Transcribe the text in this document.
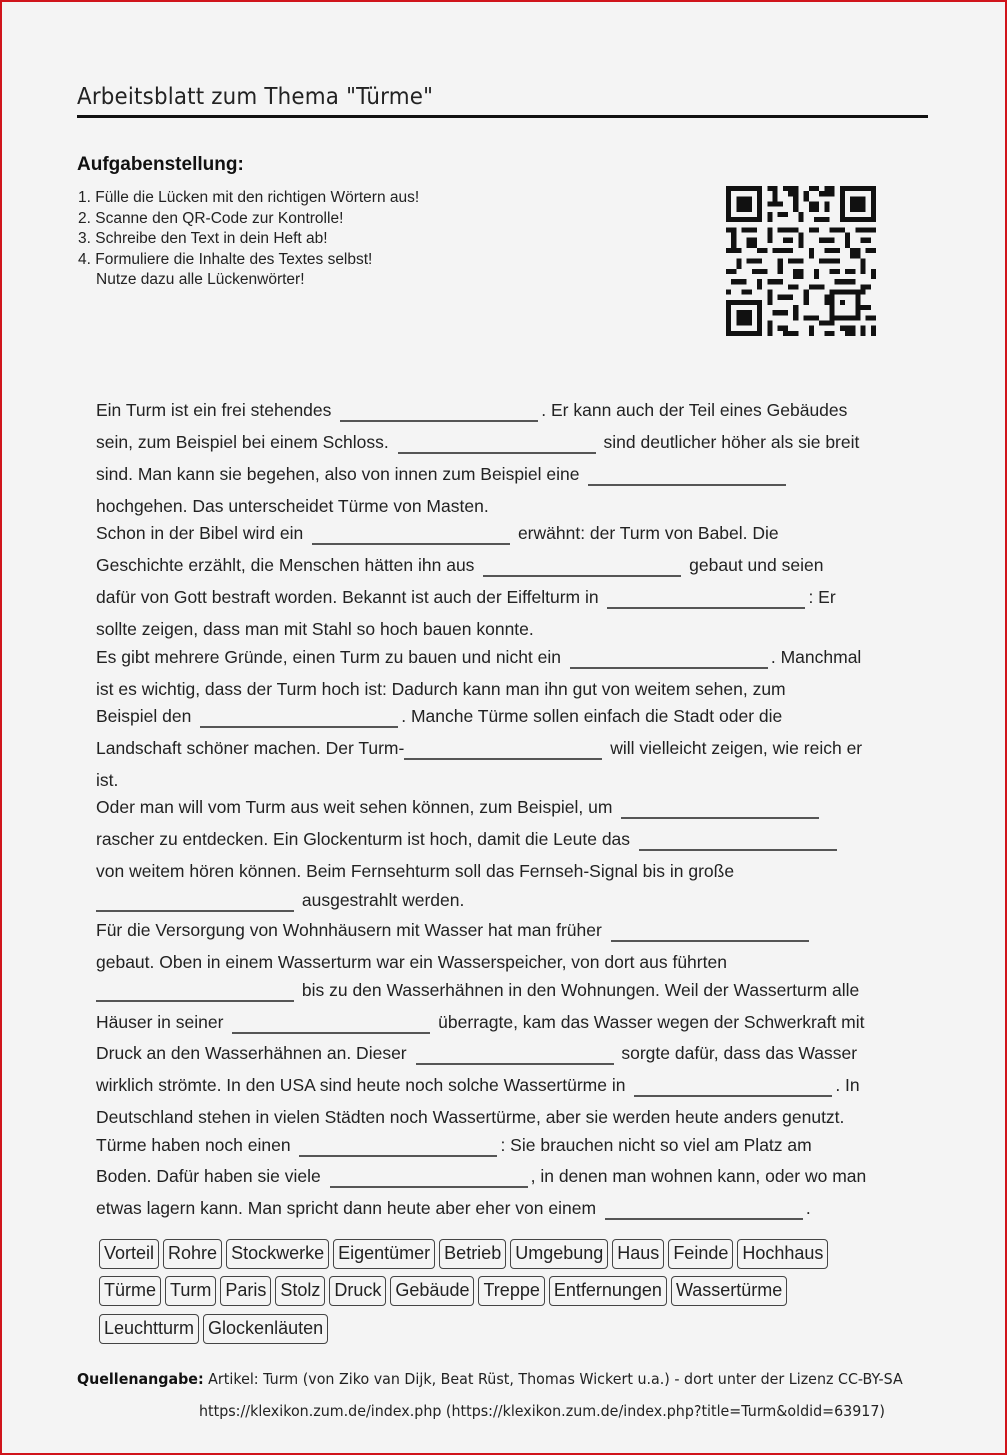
Arbeitsblatt zum Thema "Türme"
Aufgabenstellung:
1. Fülle die Lücken mit den richtigen Wörtern aus!
2. Scanne den QR-Code zur Kontrolle!
3. Schreibe den Text in dein Heft ab!
4. Formuliere die Inhalte des Textes selbst!
Nutze dazu alle Lückenwörter!
Ein Turm ist ein frei stehendes	. Er kann auch der Teil eines Gebäudes
sein, zum Beispiel bei einem Schloss.	sind deutlicher höher als sie breit
sind. Man kann sie begehen, also von innen zum Beispiel eine
hochgehen. Das unterscheidet Türme von Masten.
Schon in der Bibel wird ein	erwähnt: der Turm von Babel. Die
Geschichte erzählt, die Menschen hätten ihn aus	gebaut und seien
dafür von Gott bestraft worden. Bekannt ist auch der Eiffelturm in	: Er
sollte zeigen, dass man mit Stahl so hoch bauen konnte.
Es gibt mehrere Gründe, einen Turm zu bauen und nicht ein	. Manchmal
ist es wichtig, dass der Turm hoch ist: Dadurch kann man ihn gut von weitem sehen, zum
Beispiel den	. Manche Türme sollen einfach die Stadt oder die
Landschaft schöner machen. Der Turm-	will vielleicht zeigen, wie reich er
ist.
Oder man will vom Turm aus weit sehen können, zum Beispiel, um
rascher zu entdecken. Ein Glockenturm ist hoch, damit die Leute das
von weitem hören können. Beim Fernsehturm soll das Fernseh-Signal bis in große
ausgestrahlt werden.
Für die Versorgung von Wohnhäusern mit Wasser hat man früher
gebaut. Oben in einem Wasserturm war ein Wasserspeicher, von dort aus führten
bis zu den Wasserhähnen in den Wohnungen. Weil der Wasserturm alle
Häuser in seiner	überragte, kam das Wasser wegen der Schwerkraft mit
Druck an den Wasserhähnen an. Dieser	sorgte dafür, dass das Wasser
wirklich strömte. In den USA sind heute noch solche Wassertürme in	. In
Deutschland stehen in vielen Städten noch Wassertürme, aber sie werden heute anders genutzt.
Türme haben noch einen	: Sie brauchen nicht so viel am Platz am
Boden. Dafür haben sie viele	, in denen man wohnen kann, oder wo man
etwas lagern kann. Man spricht dann heute aber eher von einem	.
Vorteil Rohre Stockwerke Eigentümer Betrieb Umgebung Haus Feinde Hochhaus
Türme Turm Paris Stolz Druck Gebäude Treppe Entfernungen Wassertürme
Leuchtturm Glockenläuten
Quellenangabe: Artikel: Turm (von Ziko van Dijk, Beat Rüst, Thomas Wickert u.a.) - dort unter der Lizenz CC-BY-SA
https://klexikon.zum.de/index.php (https://klexikon.zum.de/index.php?title=Turm&oldid=63917)
